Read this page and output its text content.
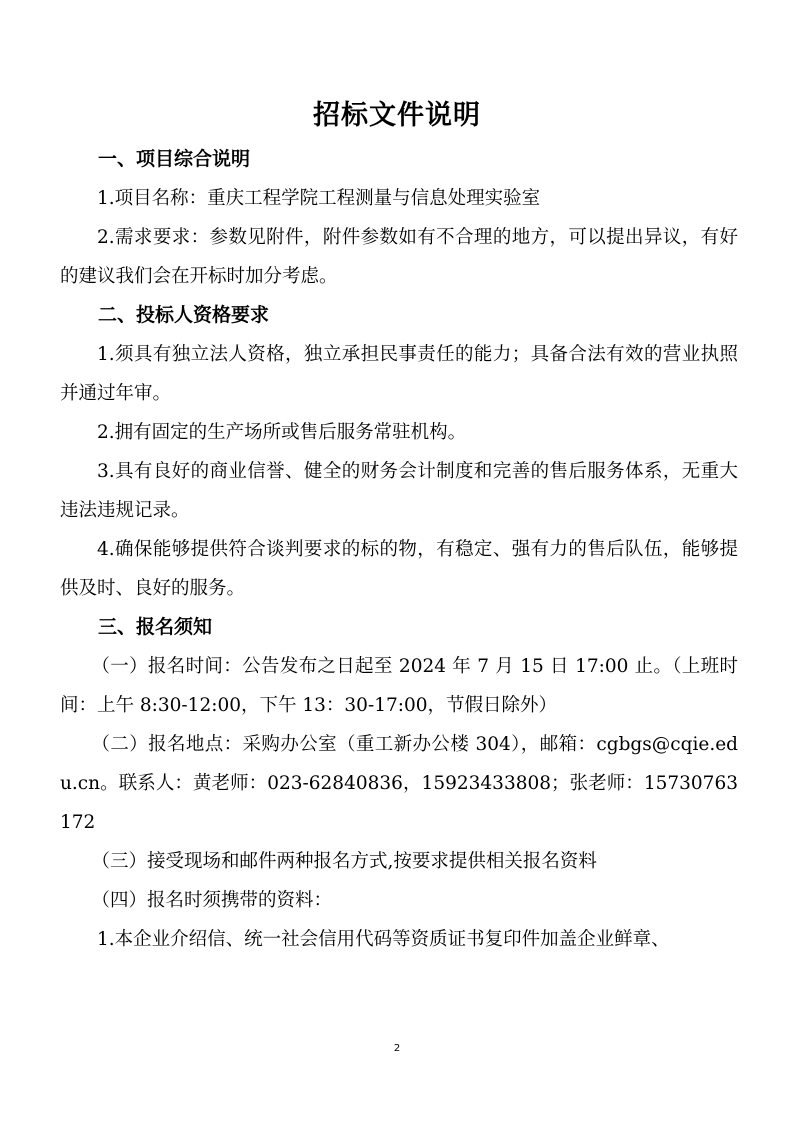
招标文件说明

一、项目综合说明

1.项目名称：重庆工程学院工程测量与信息处理实验室

2.需求要求：参数见附件，附件参数如有不合理的地方，可以提出异议，有好的建议我们会在开标时加分考虑。

二、投标人资格要求

1.须具有独立法人资格，独立承担民事责任的能力；具备合法有效的营业执照并通过年审。

2.拥有固定的生产场所或售后服务常驻机构。

3.具有良好的商业信誉、健全的财务会计制度和完善的售后服务体系，无重大违法违规记录。

4.确保能够提供符合谈判要求的标的物，有稳定、强有力的售后队伍，能够提供及时、良好的服务。

三、报名须知

（一）报名时间：公告发布之日起至 2024 年 7 月 15 日 17:00 止。（上班时间：上午 8:30-12:00，下午 13：30-17:00，节假日除外）

（二）报名地点：采购办公室（重工新办公楼 304），邮箱：cgbgs@cqie.edu.cn。联系人：黄老师：023-62840836，15923433808；张老师：15730763172

（三）接受现场和邮件两种报名方式,按要求提供相关报名资料

（四）报名时须携带的资料：

1.本企业介绍信、统一社会信用代码等资质证书复印件加盖企业鲜章、

2
